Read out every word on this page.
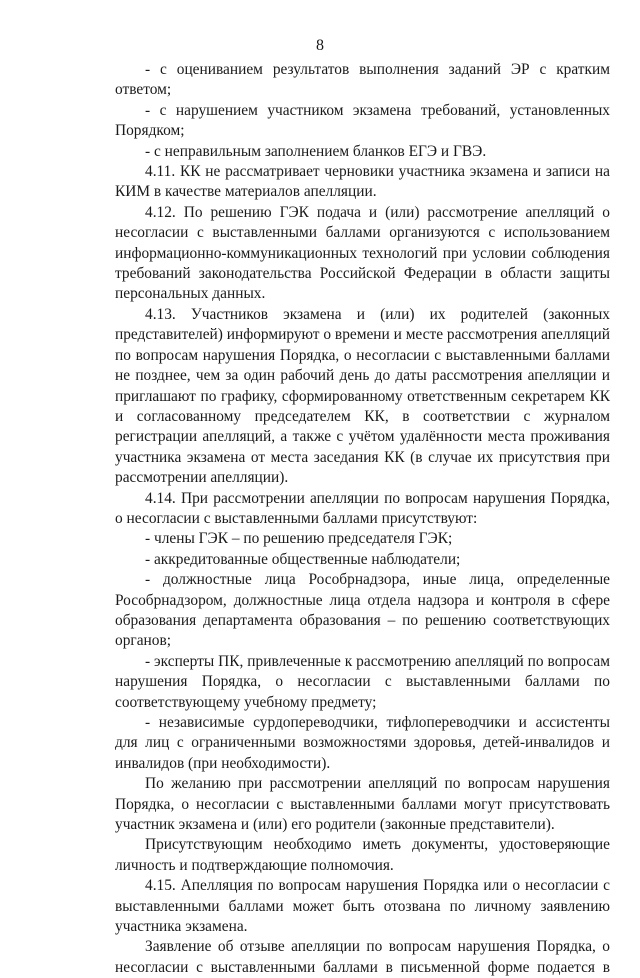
8

- с оцениванием результатов выполнения заданий ЭР с кратким ответом;

- с нарушением участником экзамена требований, установленных Порядком;

- с неправильным заполнением бланков ЕГЭ и ГВЭ.

4.11. КК не рассматривает черновики участника экзамена и записи на КИМ в качестве материалов апелляции.

4.12. По решению ГЭК подача и (или) рассмотрение апелляций о несогласии с выставленными баллами организуются с использованием информационно-коммуникационных технологий при условии соблюдения требований законодательства Российской Федерации в области защиты персональных данных.

4.13. Участников экзамена и (или) их родителей (законных представителей) информируют о времени и месте рассмотрения апелляций по вопросам нарушения Порядка, о несогласии с выставленными баллами не позднее, чем за один рабочий день до даты рассмотрения апелляции и приглашают по графику, сформированному ответственным секретарем КК и согласованному председателем КК, в соответствии с журналом регистрации апелляций, а также с учётом удалённости места проживания участника экзамена от места заседания КК (в случае их присутствия при рассмотрении апелляции).

4.14. При рассмотрении апелляции по вопросам нарушения Порядка, о несогласии с выставленными баллами присутствуют:

- члены ГЭК – по решению председателя ГЭК;

- аккредитованные общественные наблюдатели;

- должностные лица Рособрнадзора, иные лица, определенные Рособрнадзором, должностные лица отдела надзора и контроля в сфере образования департамента образования – по решению соответствующих органов;

- эксперты ПК, привлеченные к рассмотрению апелляций по вопросам нарушения Порядка, о несогласии с выставленными баллами по соответствующему учебному предмету;

- независимые сурдопереводчики, тифлопереводчики и ассистенты для лиц с ограниченными возможностями здоровья, детей-инвалидов и инвалидов (при необходимости).

По желанию при рассмотрении апелляций по вопросам нарушения Порядка, о несогласии с выставленными баллами могут присутствовать участник экзамена и (или) его родители (законные представители).

Присутствующим необходимо иметь документы, удостоверяющие личность и подтверждающие полномочия.

4.15. Апелляция по вопросам нарушения Порядка или о несогласии с выставленными баллами может быть отозвана по личному заявлению участника экзамена.

Заявление об отзыве апелляции по вопросам нарушения Порядка, о несогласии с выставленными баллами в письменной форме подается в
